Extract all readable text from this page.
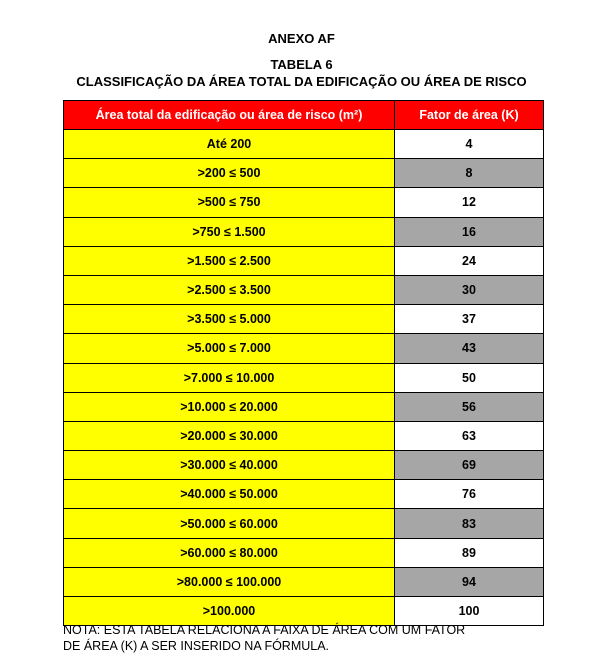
ANEXO AF
TABELA 6
CLASSIFICAÇÃO DA ÁREA TOTAL DA EDIFICAÇÃO OU ÁREA DE RISCO
Área total da edificação ou área de risco (m²)	Fator de área (K)
Até 200	4
>200 ≤ 500	8
>500 ≤ 750	12
>750 ≤ 1.500	16
>1.500 ≤ 2.500	24
>2.500 ≤ 3.500	30
>3.500 ≤ 5.000	37
>5.000 ≤ 7.000	43
>7.000 ≤ 10.000	50
>10.000 ≤ 20.000	56
>20.000 ≤ 30.000	63
>30.000 ≤ 40.000	69
>40.000 ≤ 50.000	76
>50.000 ≤ 60.000	83
>60.000 ≤ 80.000	89
>80.000 ≤ 100.000	94
>100.000	100
NOTA: ESTA TABELA RELACIONA A FAIXA DE ÁREA COM UM FATOR
DE ÁREA (K) A SER INSERIDO NA FÓRMULA.
